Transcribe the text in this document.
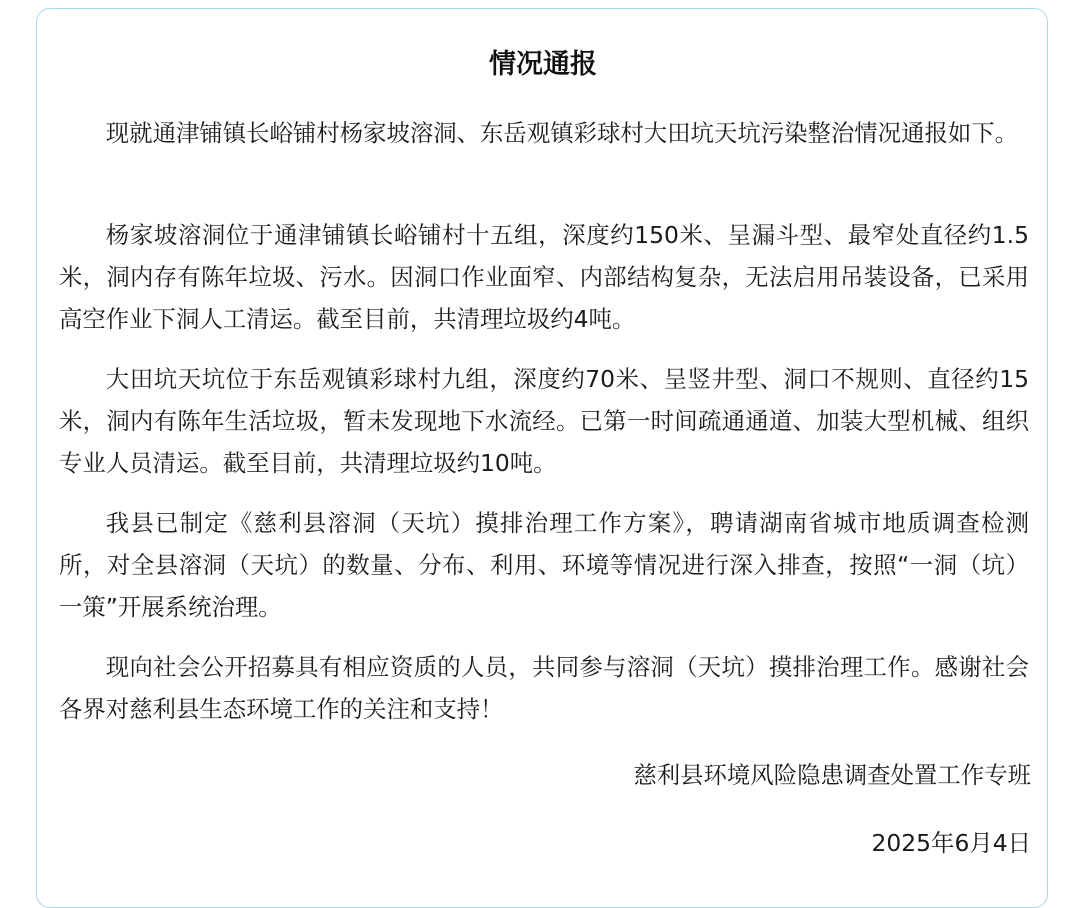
情况通报

现就通津铺镇长峪铺村杨家坡溶洞、东岳观镇彩球村大田坑天坑污染整治情况通报如下。

杨家坡溶洞位于通津铺镇长峪铺村十五组，深度约150米、呈漏斗型、最窄处直径约1.5米，洞内存有陈年垃圾、污水。因洞口作业面窄、内部结构复杂，无法启用吊装设备，已采用高空作业下洞人工清运。截至目前，共清理垃圾约4吨。

大田坑天坑位于东岳观镇彩球村九组，深度约70米、呈竖井型、洞口不规则、直径约15米，洞内有陈年生活垃圾，暂未发现地下水流经。已第一时间疏通通道、加装大型机械、组织专业人员清运。截至目前，共清理垃圾约10吨。

我县已制定《慈利县溶洞（天坑）摸排治理工作方案》，聘请湖南省城市地质调查检测所，对全县溶洞（天坑）的数量、分布、利用、环境等情况进行深入排查，按照“一洞（坑）一策”开展系统治理。

现向社会公开招募具有相应资质的人员，共同参与溶洞（天坑）摸排治理工作。感谢社会各界对慈利县生态环境工作的关注和支持！

慈利县环境风险隐患调查处置工作专班

2025年6月4日
